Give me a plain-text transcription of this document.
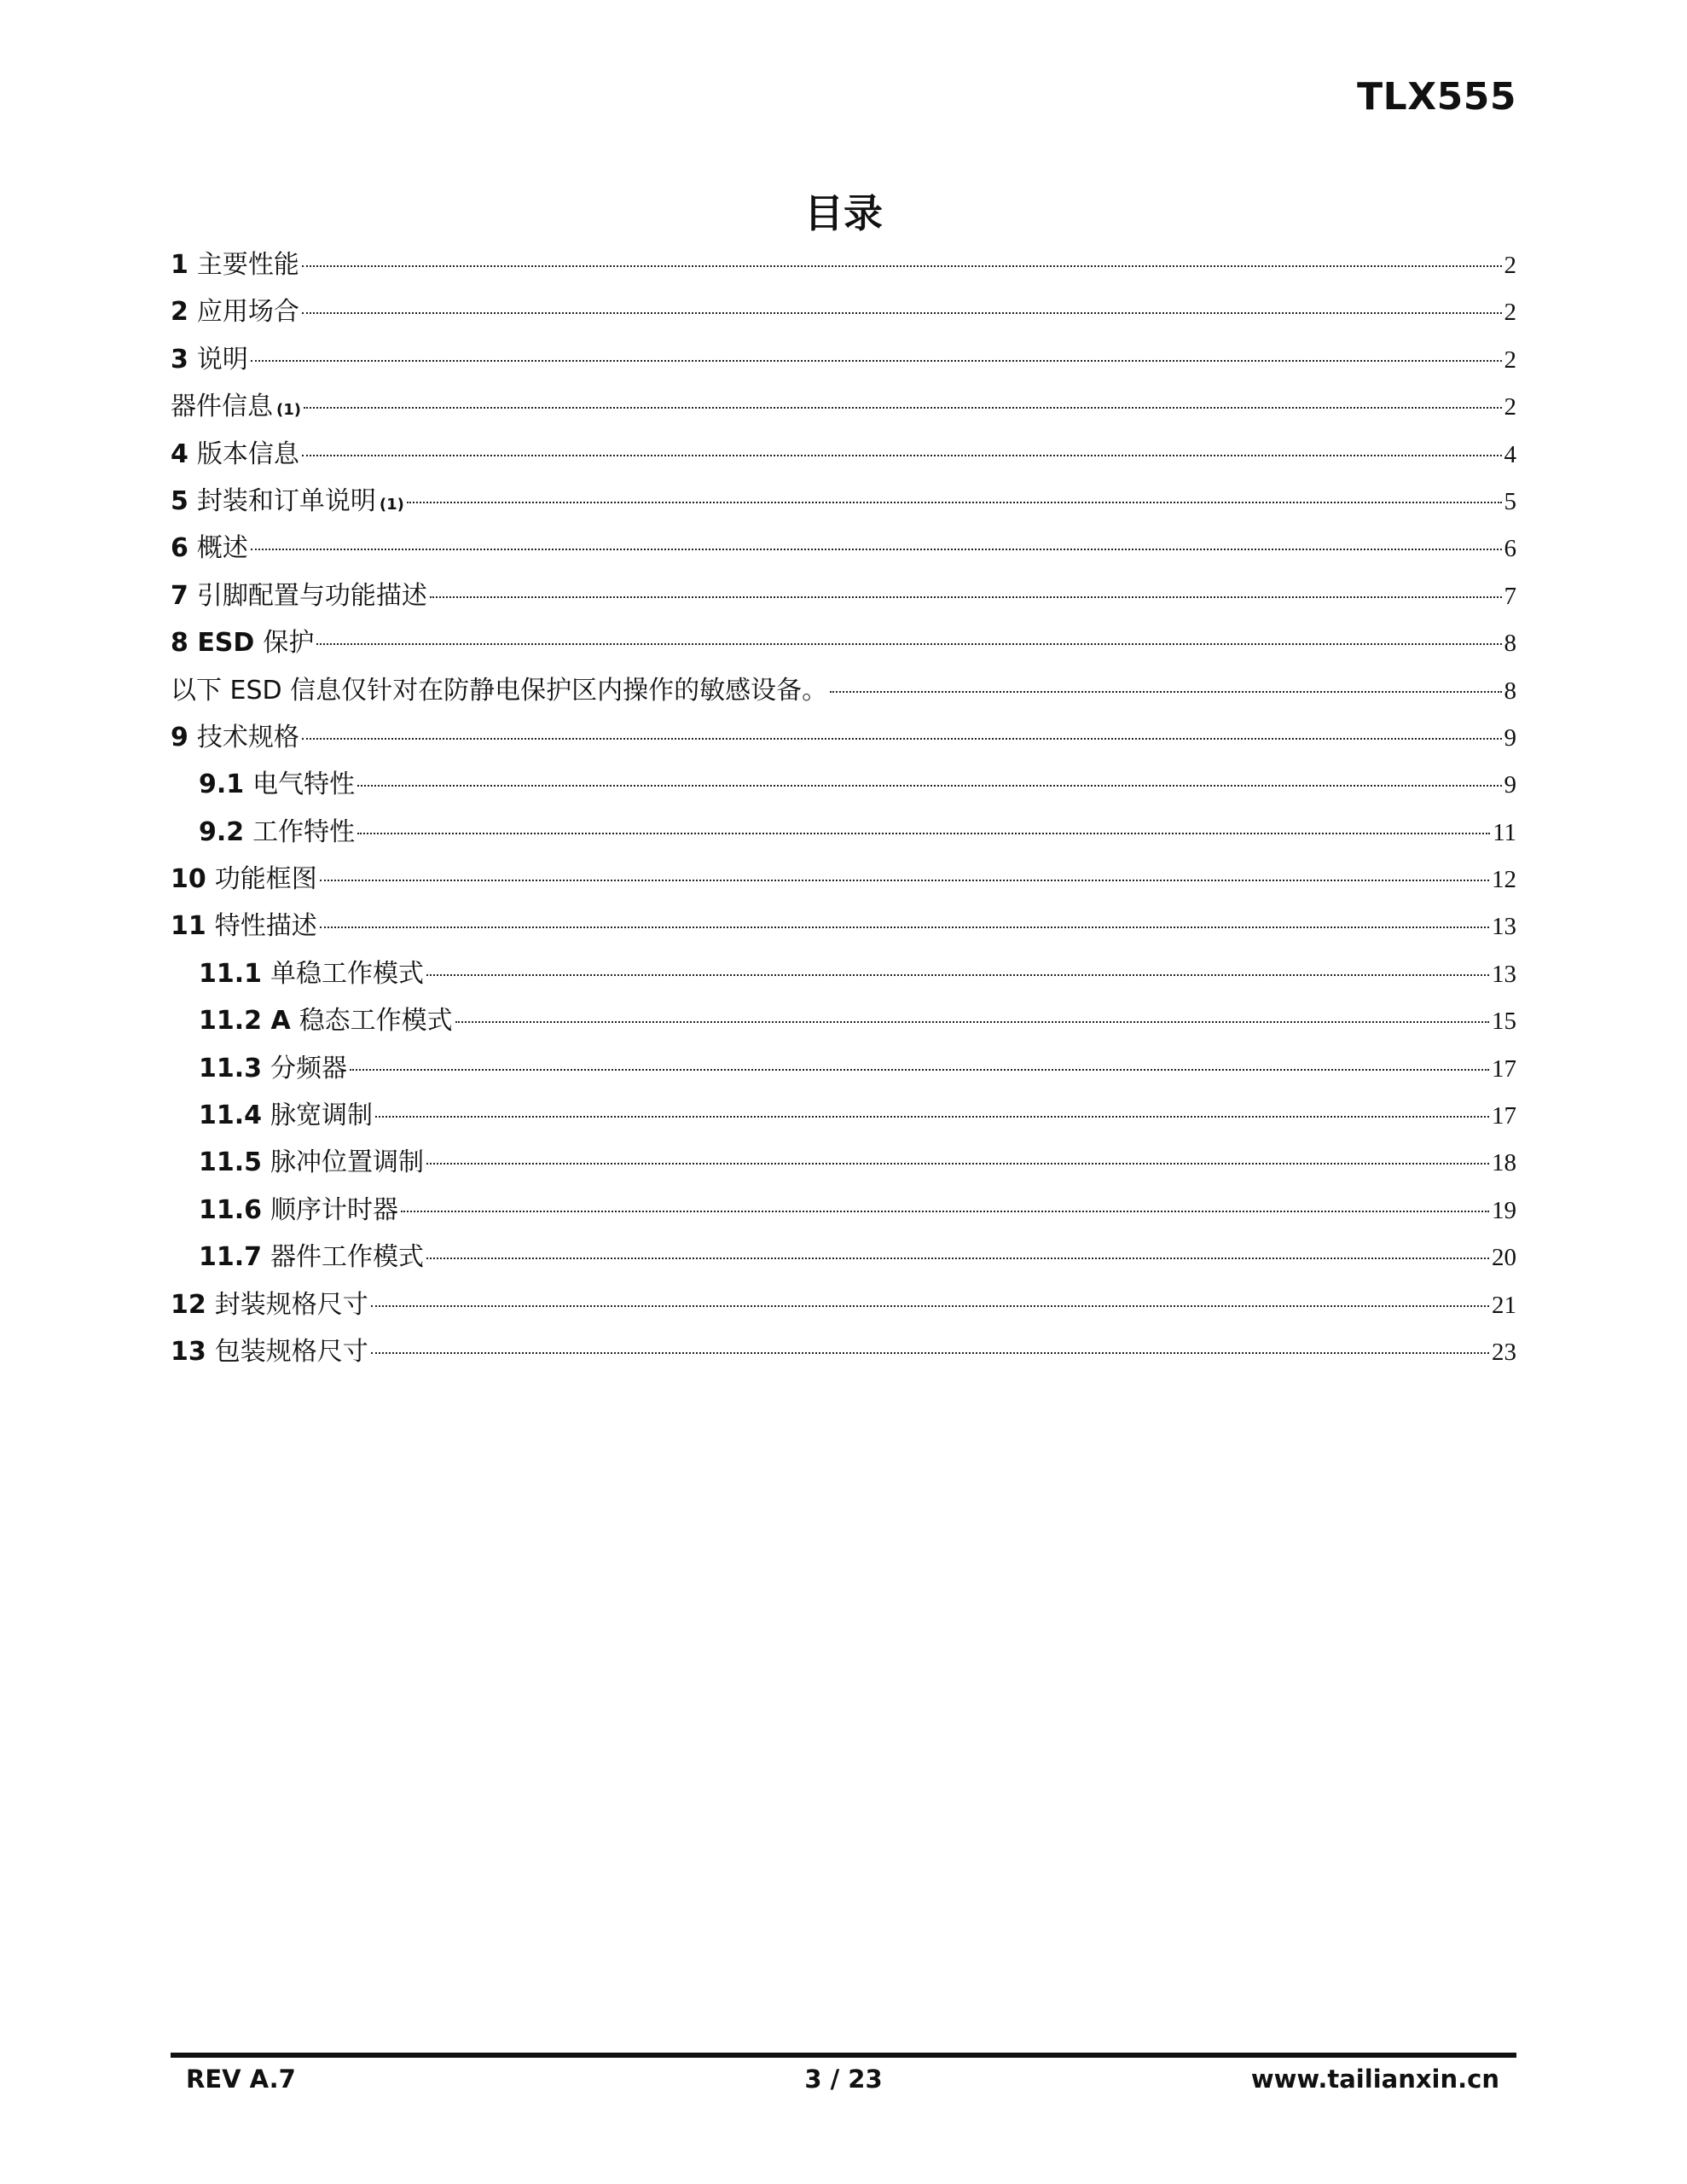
TLX555
目录
1 主要性能	2
2 应用场合	2
3 说明	2
器件信息 (1)	2
4 版本信息	4
5 封装和订单说明 (1)	5
6 概述	6
7 引脚配置与功能描述	7
8 ESD 保护	8
以下 ESD 信息仅针对在防静电保护区内操作的敏感设备。	8
9 技术规格	9
9.1 电气特性	9
9.2 工作特性	11
10 功能框图	12
11 特性描述	13
11.1 单稳工作模式	13
11.2 A 稳态工作模式	15
11.3 分频器	17
11.4 脉宽调制	17
11.5 脉冲位置调制	18
11.6 顺序计时器	19
11.7 器件工作模式	20
12 封装规格尺寸	21
13 包装规格尺寸	23
REV A.7	3 / 23	www.tailianxin.cn
